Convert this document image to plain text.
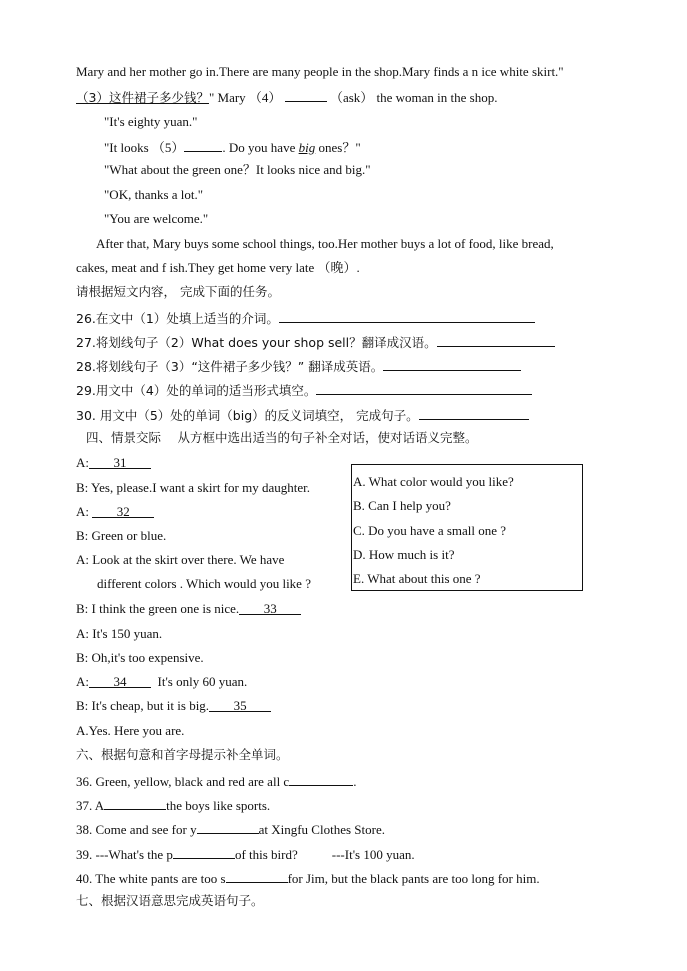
Mary and her mother go in.There are many people in the shop.Mary finds a n ice white skirt."
（3）这件裙子多少钱？" Mary （4）	（ask） the woman in the shop.
"It's eighty yuan."
"It looks （5）	. Do you have big ones？"
"What about the green one？It looks nice and big."
"OK, thanks a lot."
"You are welcome."
After that, Mary buys some school things, too.Her mother buys a lot of food, like bread,
cakes, meat and f ish.They get home very late （晚）.
请根据短文内容， 完成下面的任务。
26.在文中（1）处填上适当的介词。
27.将划线句子（2）What does your shop sell？翻译成汉语。
28.将划线句子（3）“这件裙子多少钱？” 翻译成英语。
29.用文中（4）处的单词的适当形式填空。
30. 用文中（5）处的单词（big）的反义词填空， 完成句子。
四、情景交际　 从方框中选出适当的句子补全对话，使对话语义完整。
A: 31
B: Yes, please.I want a skirt for my daughter.
A: 32
B: Green or blue.
A: Look at the skirt over there. We have
different colors . Which would you like ?
B: I think the green one is nice. 33
A: It's 150 yuan.
B: Oh,it's too expensive.
A: 34 It's only 60 yuan.
B: It's cheap, but it is big. 35
A.Yes. Here you are.
A. What color would you like?
B. Can I help you?
C. Do you have a small one ?
D. How much is it?
E. What about this one ?
六、根据句意和首字母提示补全单词。
36. Green, yellow, black and red are all c	.
37. A	the boys like sports.
38. Come and see for y	at Xingfu Clothes Store.
39. ---What's the p	of this bird?	---It's 100 yuan.
40. The white pants are too s	for Jim, but the black pants are too long for him.
七、根据汉语意思完成英语句子。
